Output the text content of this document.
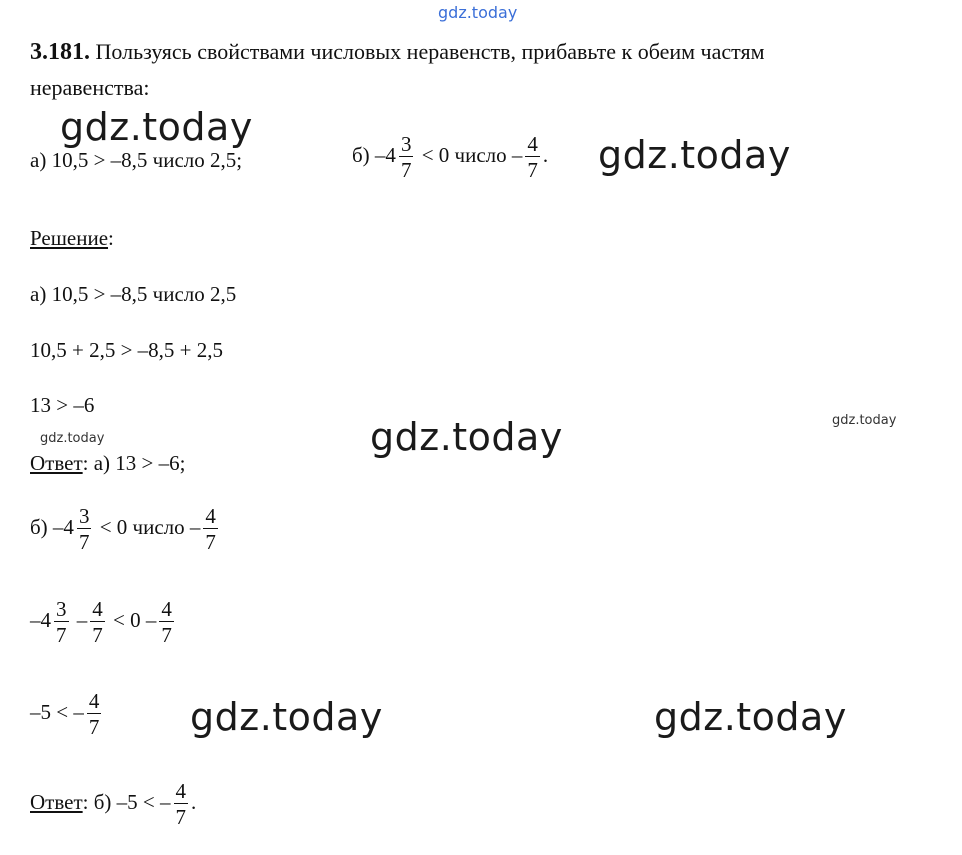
gdz.today
3.181. Пользуясь свойствами числовых неравенств, прибавьте к обеим частям
неравенства:
gdz.today
а) 10,5 > –8,5 число 2,5;	б) $-4 \frac{3}{7} < 0$ число – $\frac{4}{7}$ . gdz.today
Решение:
а) 10,5 > –8,5 число 2,5
10,5 + 2,5 > –8,5 + 2,5
13 > –6
gdz.today	gdz.today	gdz.today
Ответ: а) 13 > –6;
б) $-4 \frac{3}{7} < 0$ число – $\frac{4}{7}$
$-4 \frac{3}{7} - \frac{4}{7} < 0 - \frac{4}{7}$
–5 < – $\frac{4}{7}$ gdz.today	gdz.today
Ответ: б) –5 < – $\frac{4}{7}$ .
